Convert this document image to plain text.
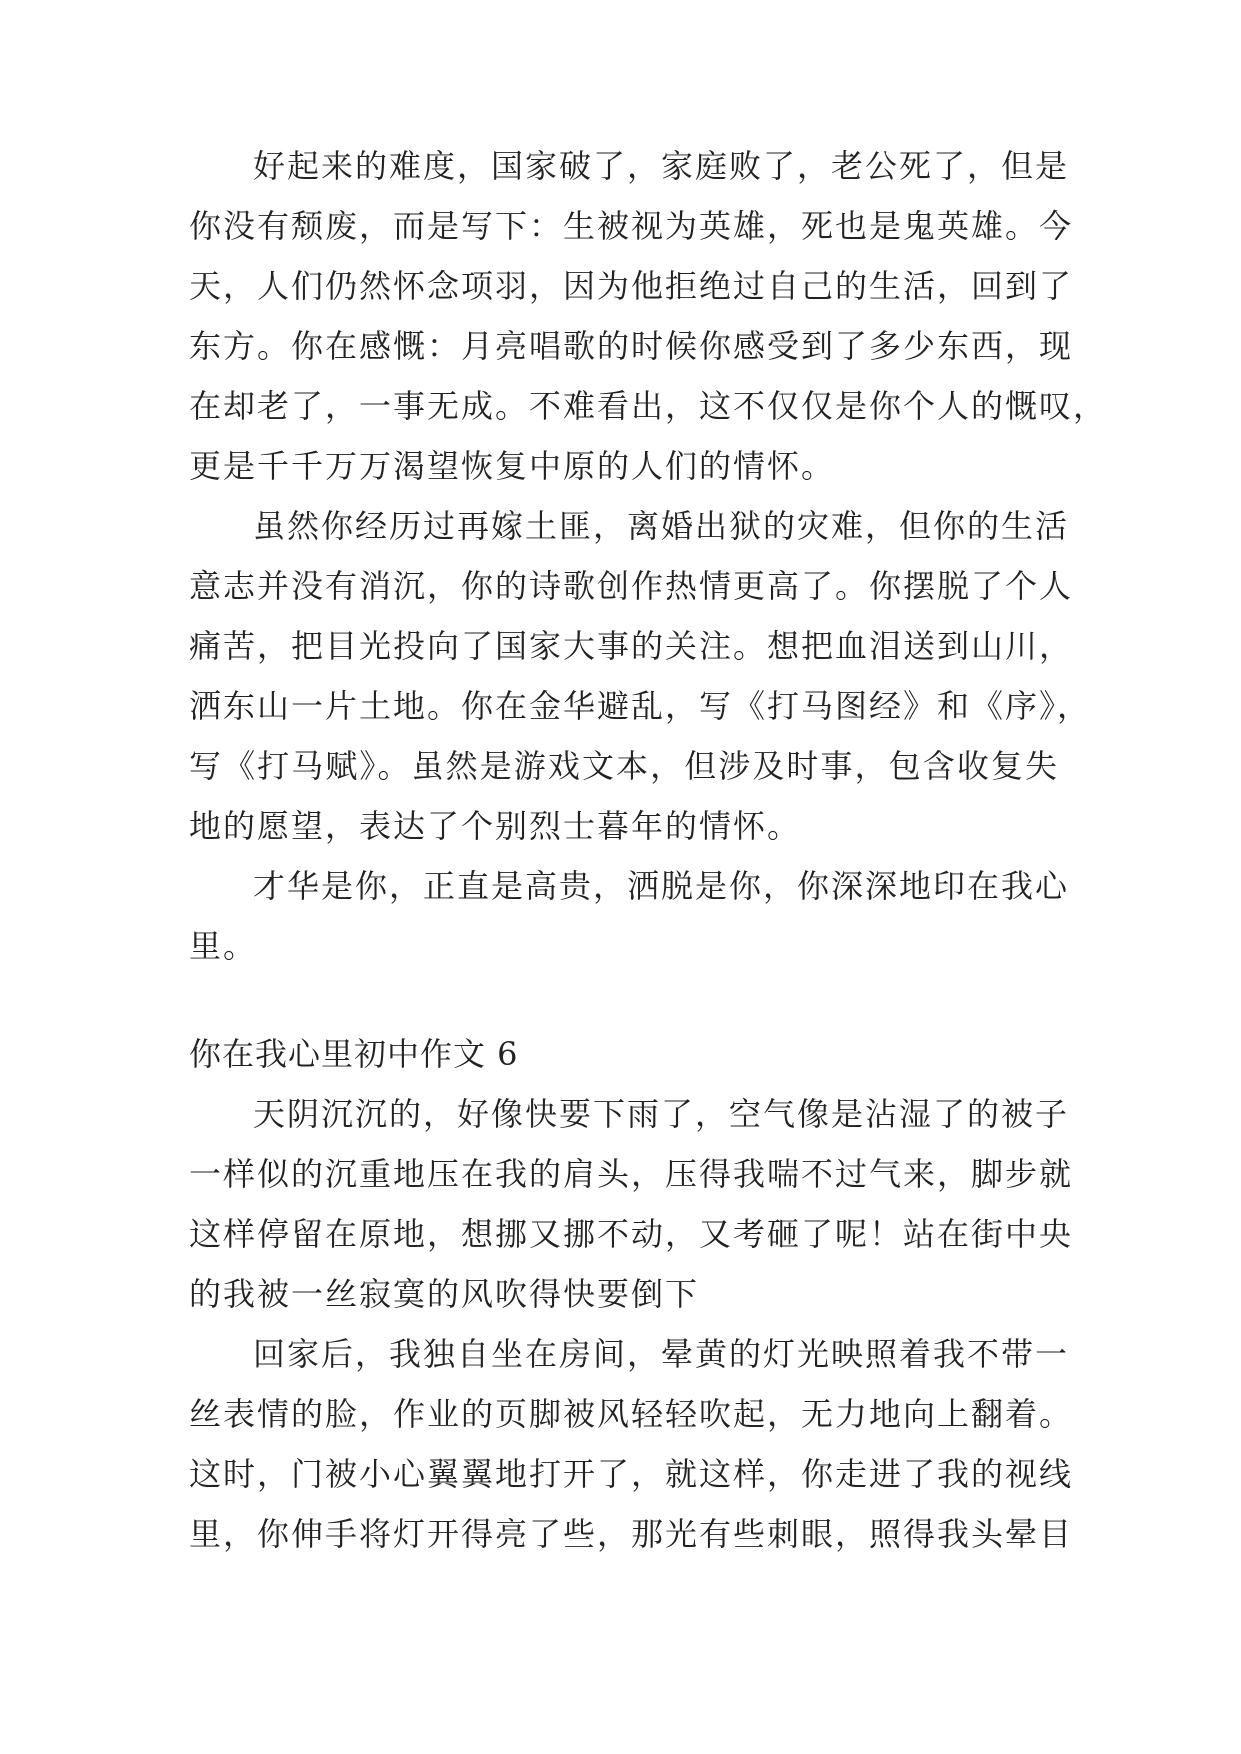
好起来的难度，国家破了，家庭败了，老公死了，但是
你没有颓废，而是写下：生被视为英雄，死也是鬼英雄。今
天，人们仍然怀念项羽，因为他拒绝过自己的生活，回到了
东方。你在感慨：月亮唱歌的时候你感受到了多少东西，现
在却老了，一事无成。不难看出，这不仅仅是你个人的慨叹，
更是千千万万渴望恢复中原的人们的情怀。
虽然你经历过再嫁土匪，离婚出狱的灾难，但你的生活
意志并没有消沉，你的诗歌创作热情更高了。你摆脱了个人
痛苦，把目光投向了国家大事的关注。想把血泪送到山川，
洒东山一片土地。你在金华避乱，写《打马图经》和《序》，
写《打马赋》。虽然是游戏文本，但涉及时事，包含收复失
地的愿望，表达了个别烈士暮年的情怀。
才华是你，正直是高贵，洒脱是你，你深深地印在我心
里。
你在我心里初中作文 6
天阴沉沉的，好像快要下雨了，空气像是沾湿了的被子
一样似的沉重地压在我的肩头，压得我喘不过气来，脚步就
这样停留在原地，想挪又挪不动，又考砸了呢！站在街中央
的我被一丝寂寞的风吹得快要倒下
回家后，我独自坐在房间，晕黄的灯光映照着我不带一
丝表情的脸，作业的页脚被风轻轻吹起，无力地向上翻着。
这时，门被小心翼翼地打开了，就这样，你走进了我的视线
里，你伸手将灯开得亮了些，那光有些刺眼，照得我头晕目
